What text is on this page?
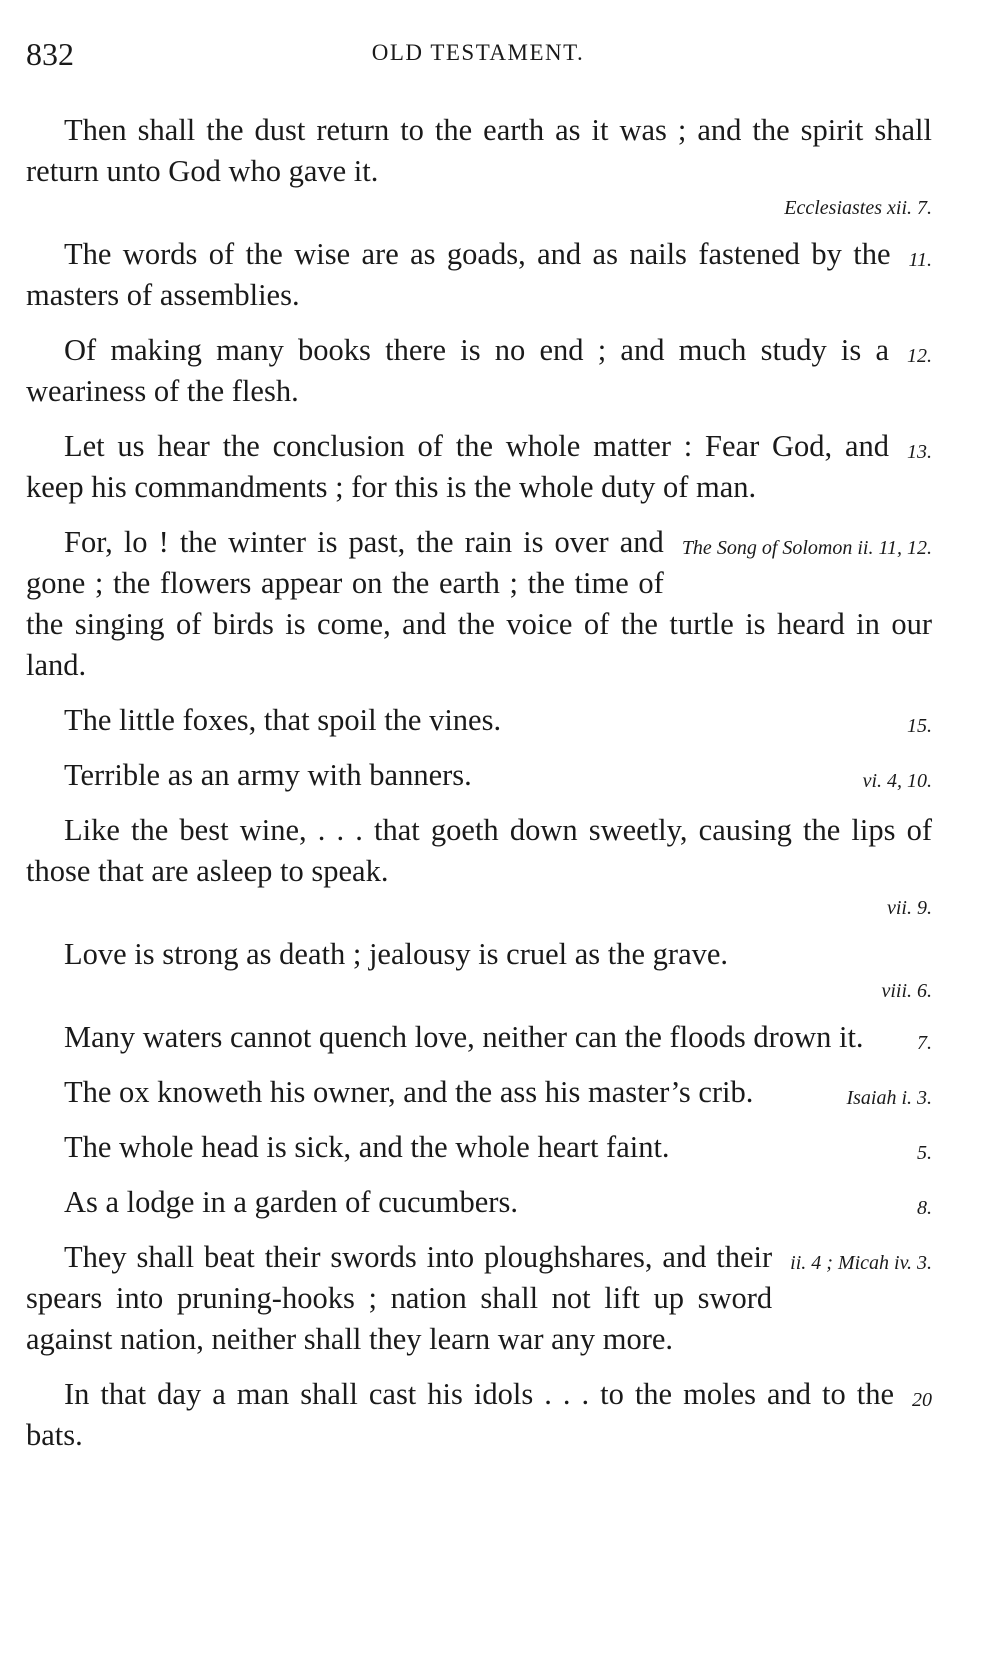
832	OLD TESTAMENT.
Then shall the dust return to the earth as it was ; and the spirit shall return unto God who gave it.
Ecclesiastes xii. 7.
11.
The words of the wise are as goads, and as nails fastened by the masters of assemblies.
12.
Of making many books there is no end ; and much study is a weariness of the flesh.
13.
Let us hear the conclusion of the whole matter : Fear God, and keep his commandments ; for this is the whole duty of man.
The Song of Solomon ii. 11, 12.
For, lo ! the winter is past, the rain is over and gone ; the flowers appear on the earth ; the time of the singing of birds is come, and the voice of the turtle is heard in our land.
15.
The little foxes, that spoil the vines.
vi. 4, 10.
Terrible as an army with banners.
Like the best wine, . . . that goeth down sweetly, causing the lips of those that are asleep to speak.
vii. 9.
Love is strong as death ; jealousy is cruel as the grave.
viii. 6.
7.
Many waters cannot quench love, neither can the floods drown it.
Isaiah i. 3.
The ox knoweth his owner, and the ass his master’s crib.
5.
The whole head is sick, and the whole heart faint.
8.
As a lodge in a garden of cucumbers.
ii. 4 ; Micah iv. 3.
They shall beat their swords into ploughshares, and their spears into pruning-hooks ; nation shall not lift up sword against nation, neither shall they learn war any more.
20
In that day a man shall cast his idols . . . to the moles and to the bats.
